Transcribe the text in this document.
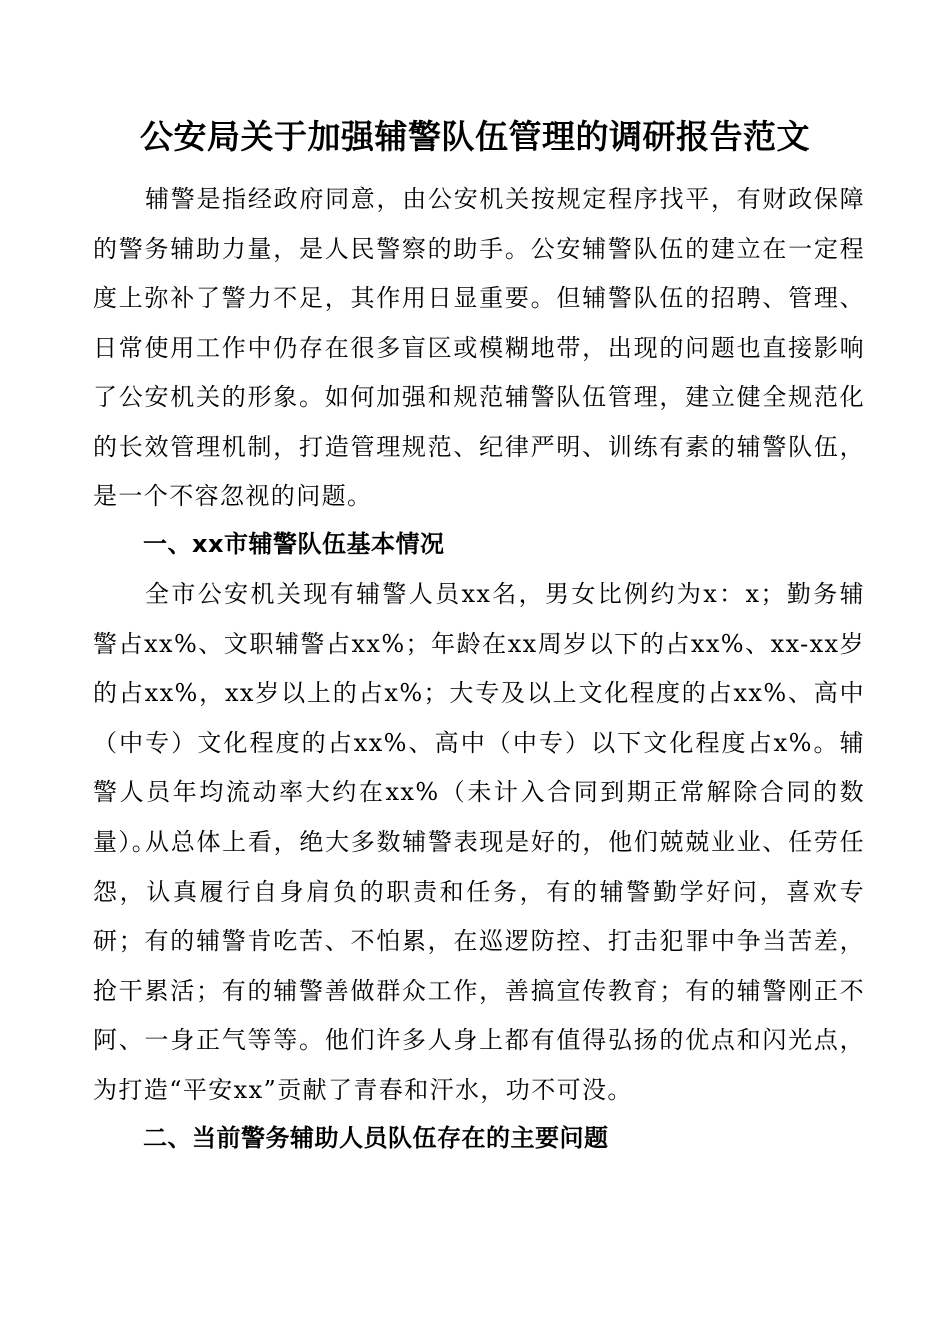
公安局关于加强辅警队伍管理的调研报告范文

辅警是指经政府同意，由公安机关按规定程序找平，有财政保障的警务辅助力量，是人民警察的助手。公安辅警队伍的建立在一定程度上弥补了警力不足，其作用日显重要。但辅警队伍的招聘、管理、日常使用工作中仍存在很多盲区或模糊地带，出现的问题也直接影响了公安机关的形象。如何加强和规范辅警队伍管理，建立健全规范化的长效管理机制，打造管理规范、纪律严明、训练有素的辅警队伍，是一个不容忽视的问题。

一、xx市辅警队伍基本情况

全市公安机关现有辅警人员xx名，男女比例约为x：x；勤务辅警占xx%、文职辅警占xx%；年龄在xx周岁以下的占xx%、xx-xx岁的占xx%，xx岁以上的占x%；大专及以上文化程度的占xx%、高中（中专）文化程度的占xx%、高中（中专）以下文化程度占x%。辅警人员年均流动率大约在xx%（未计入合同到期正常解除合同的数量）。

从总体上看，绝大多数辅警表现是好的，他们兢兢业业、任劳任怨，认真履行自身肩负的职责和任务，有的辅警勤学好问，喜欢专研；有的辅警肯吃苦、不怕累，在巡逻防控、打击犯罪中争当苦差，抢干累活；有的辅警善做群众工作，善搞宣传教育；有的辅警刚正不阿、一身正气等等。他们许多人身上都有值得弘扬的优点和闪光点，为打造“平安xx”贡献了青春和汗水，功不可没。

二、当前警务辅助人员队伍存在的主要问题
